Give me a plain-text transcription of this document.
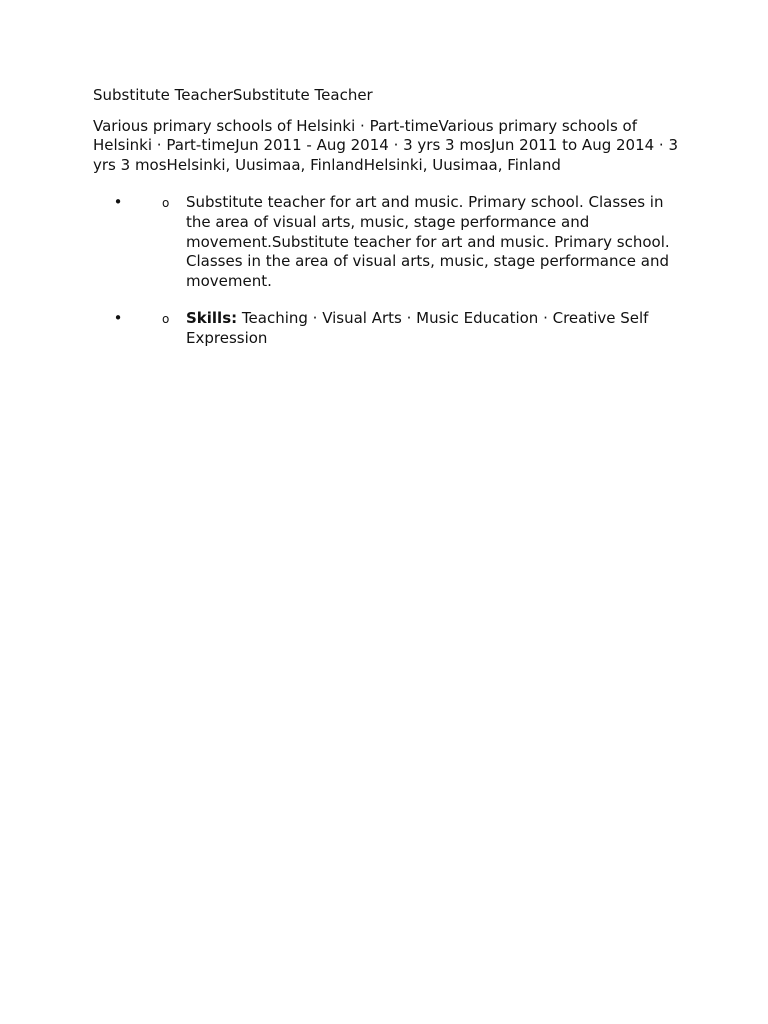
Substitute TeacherSubstitute Teacher

Various primary schools of Helsinki · Part-timeVarious primary schools of Helsinki · Part-timeJun 2011 - Aug 2014 · 3 yrs 3 mosJun 2011 to Aug 2014 · 3 yrs 3 mosHelsinki, Uusimaa, FinlandHelsinki, Uusimaa, Finland

•	o Substitute teacher for art and music. Primary school. Classes in the area of visual arts, music, stage performance and movement.Substitute teacher for art and music. Primary school. Classes in the area of visual arts, music, stage performance and movement.
•	o Skills: Teaching · Visual Arts · Music Education · Creative Self Expression
